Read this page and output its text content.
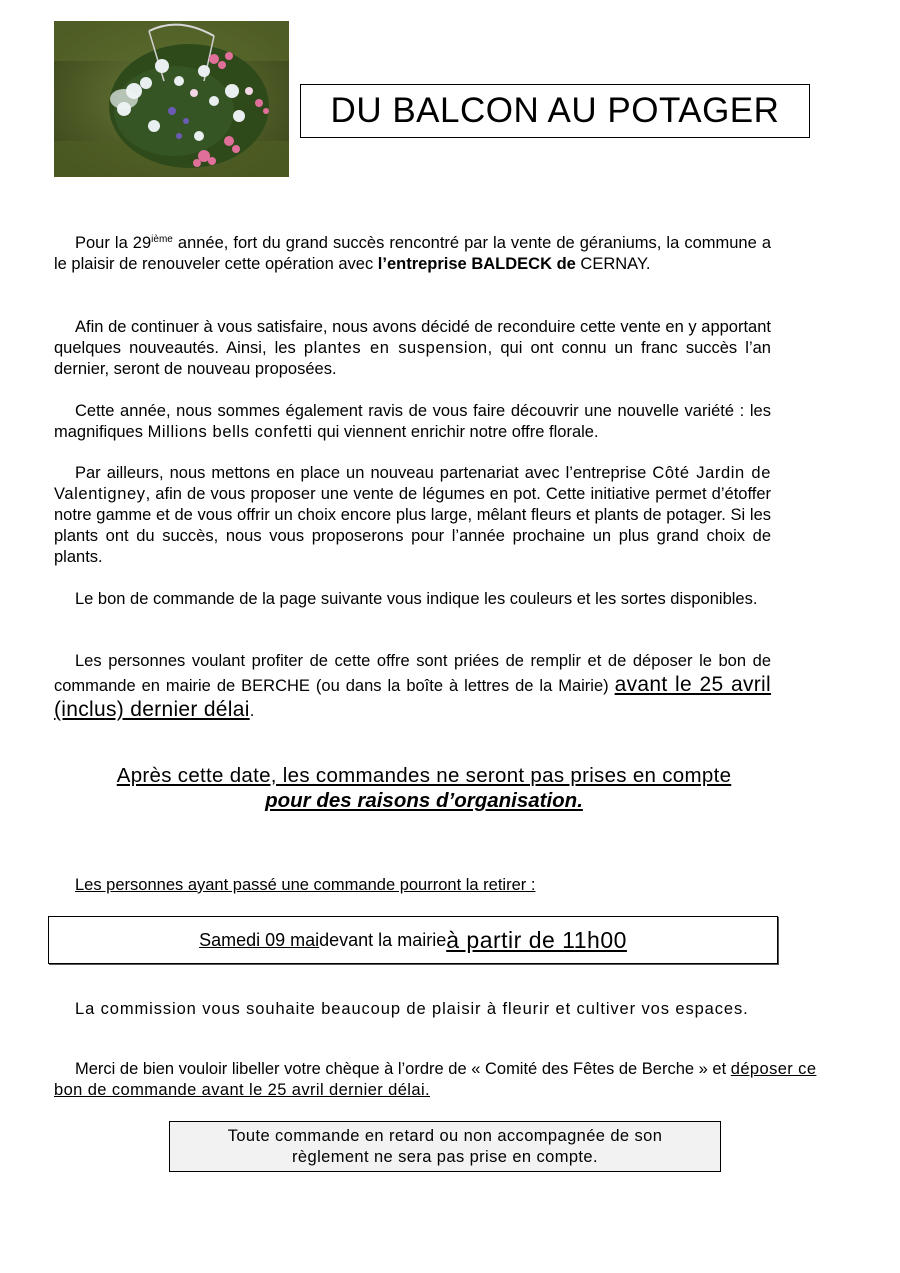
DU BALCON AU POTAGER

Pour la 29ième année, fort du grand succès rencontré par la vente de géraniums, la commune a le plaisir de renouveler cette opération avec l’entreprise BALDECK de CERNAY.

Afin de continuer à vous satisfaire, nous avons décidé de reconduire cette vente en y apportant quelques nouveautés. Ainsi, les plantes en suspension, qui ont connu un franc succès l’an dernier, seront de nouveau proposées.

Cette année, nous sommes également ravis de vous faire découvrir une nouvelle variété : les magnifiques Millions bells confetti qui viennent enrichir notre offre florale.

Par ailleurs, nous mettons en place un nouveau partenariat avec l’entreprise Côté Jardin de Valentigney, afin de vous proposer une vente de légumes en pot. Cette initiative permet d’étoffer notre gamme et de vous offrir un choix encore plus large, mêlant fleurs et plants de potager. Si les plants ont du succès, nous vous proposerons pour l’année prochaine un plus grand choix de plants.

Le bon de commande de la page suivante vous indique les couleurs et les sortes disponibles.

Les personnes voulant profiter de cette offre sont priées de remplir et de déposer le bon de commande en mairie de BERCHE (ou dans la boîte à lettres de la Mairie) avant le 25 avril (inclus) dernier délai.

Après cette date, les commandes ne seront pas prises en compte
pour des raisons d’organisation.

Les personnes ayant passé une commande pourront la retirer :

Samedi 09 mai devant la mairie à partir de 11h00

La commission vous souhaite beaucoup de plaisir à fleurir et cultiver vos espaces.

Merci de bien vouloir libeller votre chèque à l’ordre de « Comité des Fêtes de Berche » et déposer ce bon de commande avant le 25 avril dernier délai.

Toute commande en retard ou non accompagnée de son
règlement ne sera pas prise en compte.
